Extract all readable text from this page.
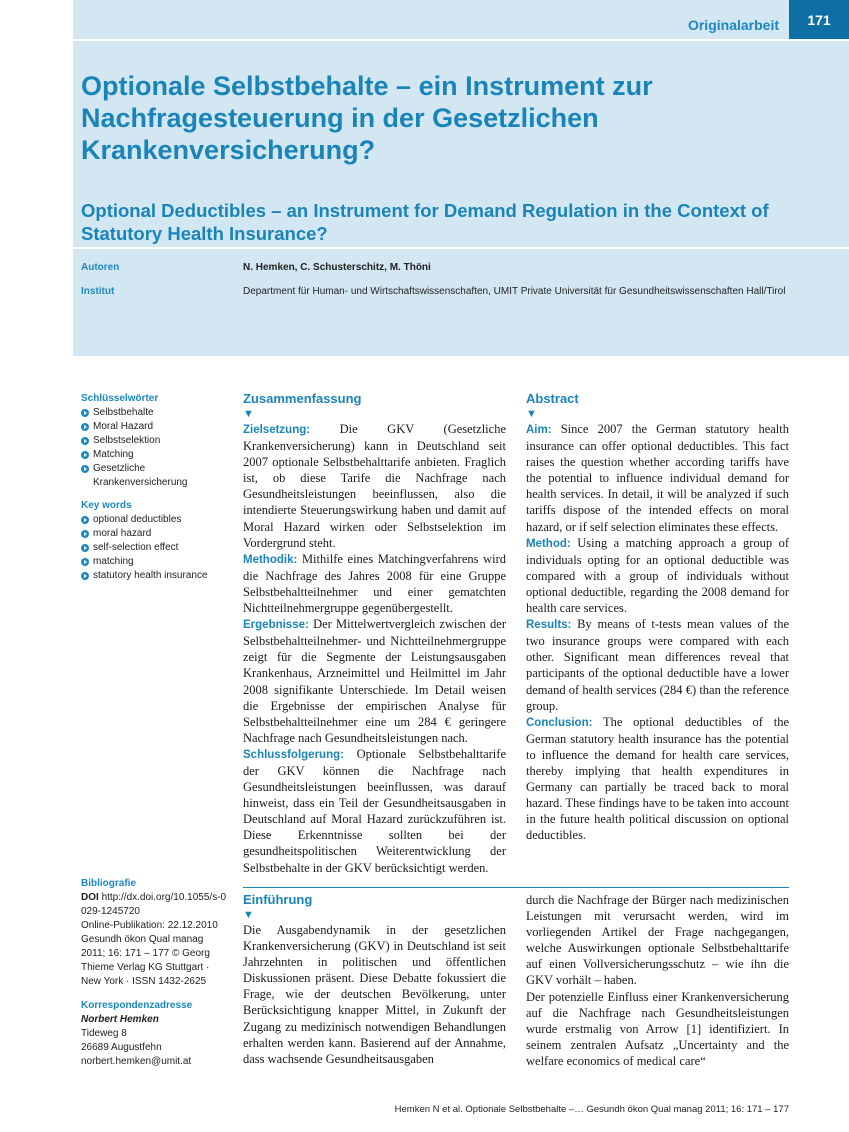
Originalarbeit	171
Optionale Selbstbehalte – ein Instrument zur Nachfragesteuerung in der Gesetzlichen Krankenversicherung?
Optional Deductibles – an Instrument for Demand Regulation in the Context of Statutory Health Insurance?
Autoren	N. Hemken, C. Schusterschitz, M. Thöni
Institut	Department für Human- und Wirtschaftswissenschaften, UMIT Private Universität für Gesundheitswissenschaften Hall/Tirol
Schlüsselwörter
Selbstbehalte
Moral Hazard
Selbstselektion
Matching
Gesetzliche Krankenversicherung
Key words
optional deductibles
moral hazard
self-selection effect
matching
statutory health insurance
Bibliografie
DOI http://dx.doi.org/10.1055/s-0029-1245720
Online-Publikation: 22.12.2010
Gesundh ökon Qual manag 2011; 16: 171 – 177 © Georg Thieme Verlag KG Stuttgart · New York · ISSN 1432-2625
Korrespondenzadresse
Norbert Hemken
Tideweg 8
26689 Augustfehn
norbert.hemken@umit.at
Zusammenfassung
▼

Zielsetzung: Die GKV (Gesetzliche Krankenversicherung) kann in Deutschland seit 2007 optionale Selbstbehalttarife anbieten. Fraglich ist, ob diese Tarife die Nachfrage nach Gesundheitsleistungen beeinflussen, also die intendierte Steuerungswirkung haben und damit auf Moral Hazard wirken oder Selbstselektion im Vordergrund steht.

Methodik: Mithilfe eines Matchingverfahrens wird die Nachfrage des Jahres 2008 für eine Gruppe Selbstbehaltteilnehmer und einer gematchten Nichtteilnehmergruppe gegenübergestellt.

Ergebnisse: Der Mittelwertvergleich zwischen der Selbstbehaltteilnehmer- und Nichtteilnehmergruppe zeigt für die Segmente der Leistungsausgaben Krankenhaus, Arzneimittel und Heilmittel im Jahr 2008 signifikante Unterschiede. Im Detail weisen die Ergebnisse der empirischen Analyse für Selbstbehaltteilnehmer eine um 284 € geringere Nachfrage nach Gesundheitsleistungen nach.

Schlussfolgerung: Optionale Selbstbehalttarife der GKV können die Nachfrage nach Gesundheitsleistungen beeinflussen, was darauf hinweist, dass ein Teil der Gesundheitsausgaben in Deutschland auf Moral Hazard zurückzuführen ist. Diese Erkenntnisse sollten bei der gesundheitspolitischen Weiterentwicklung der Selbstbehalte in der GKV berücksichtigt werden.

Abstract
▼

Aim: Since 2007 the German statutory health insurance can offer optional deductibles. This fact raises the question whether according tariffs have the potential to influence individual demand for health services. In detail, it will be analyzed if such tariffs dispose of the intended effects on moral hazard, or if self selection eliminates these effects.

Method: Using a matching approach a group of individuals opting for an optional deductible was compared with a group of individuals without optional deductible, regarding the 2008 demand for health care services.

Results: By means of t-tests mean values of the two insurance groups were compared with each other. Significant mean differences reveal that participants of the optional deductible have a lower demand of health services (284 €) than the reference group.

Conclusion: The optional deductibles of the German statutory health insurance has the potential to influence the demand for health care services, thereby implying that health expenditures in Germany can partially be traced back to moral hazard. These findings have to be taken into account in the future health political discussion on optional deductibles.

Einführung
▼

Die Ausgabendynamik in der gesetzlichen Krankenversicherung (GKV) in Deutschland ist seit Jahrzehnten in politischen und öffentlichen Diskussionen präsent. Diese Debatte fokussiert die Frage, wie der deutschen Bevölkerung, unter Berücksichtigung knapper Mittel, in Zukunft der Zugang zu medizinisch notwendigen Behandlungen erhalten werden kann. Basierend auf der Annahme, dass wachsende Gesundheitsausgaben

durch die Nachfrage der Bürger nach medizinischen Leistungen mit verursacht werden, wird im vorliegenden Artikel der Frage nachgegangen, welche Auswirkungen optionale Selbstbehalttarife auf einen Vollversicherungsschutz – wie ihn die GKV vorhält – haben.

Der potenzielle Einfluss einer Krankenversicherung auf die Nachfrage nach Gesundheitsleistungen wurde erstmalig von Arrow [1] identifiziert. In seinem zentralen Aufsatz „Uncertainty and the welfare economics of medical care“

Hemken N et al. Optionale Selbstbehalte –… Gesundh ökon Qual manag 2011; 16: 171 – 177
